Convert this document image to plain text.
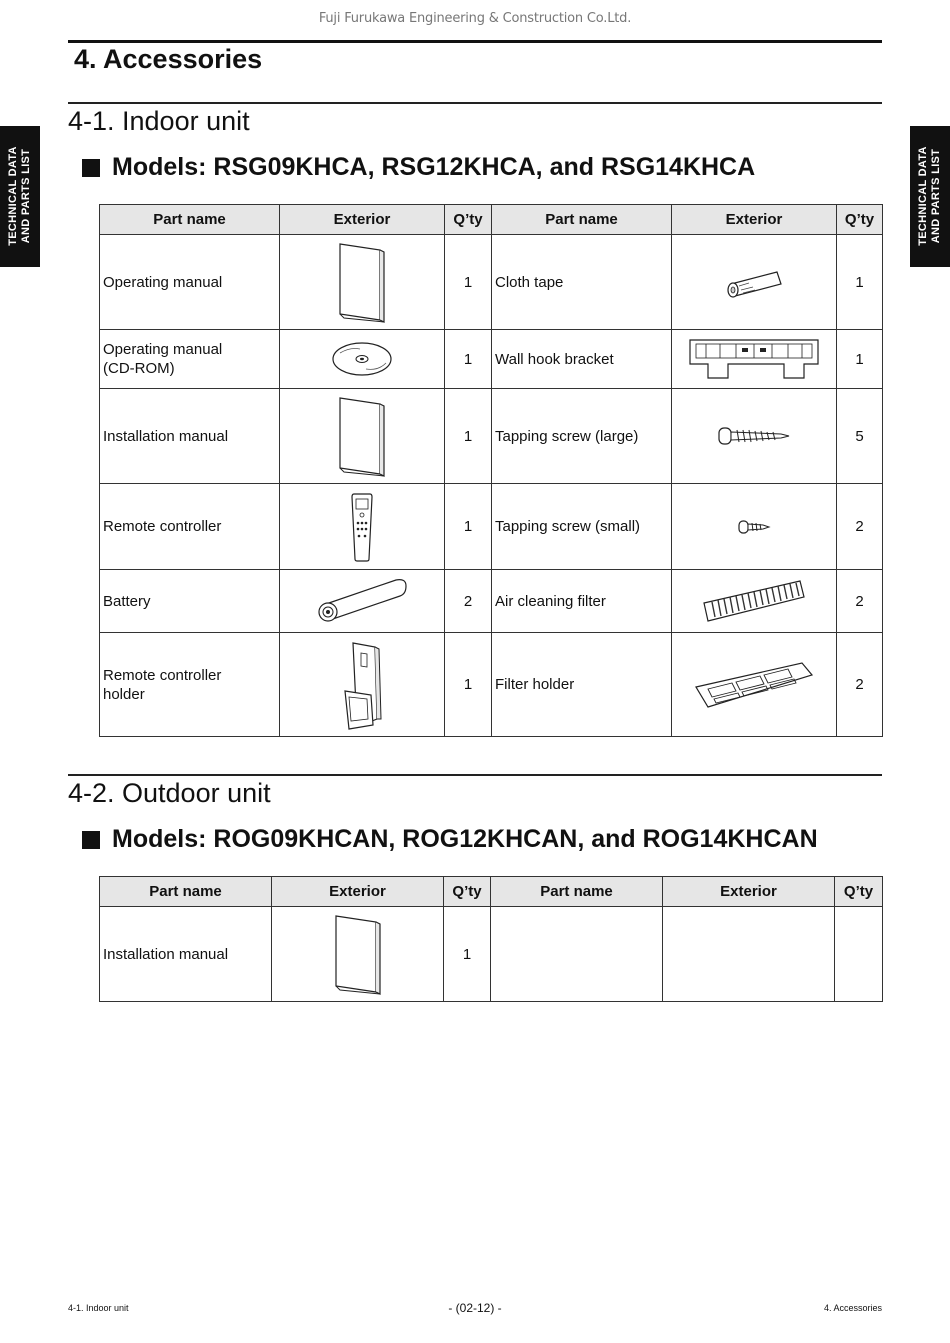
Fuji Furukawa Engineering & Construction Co.Ltd.
4. Accessories
TECHNICAL DATA AND PARTS LIST	TECHNICAL DATA AND PARTS LIST
4-1. Indoor unit
Models: RSG09KHCA, RSG12KHCA, and RSG14KHCA
Part name	Exterior	Q’ty	Part name	Exterior	Q’ty
Operating manual		1	Cloth tape		1
Operating manual
(CD-ROM)		1	Wall hook bracket		1
Installation manual		1	Tapping screw (large)		5
Remote controller		1	Tapping screw (small)		2
Battery		2	Air cleaning filter		2
Remote controller
holder		1	Filter holder		2
4-2. Outdoor unit
Models: ROG09KHCAN, ROG12KHCAN, and ROG14KHCAN
Part name	Exterior	Q’ty	Part name	Exterior	Q’ty
Installation manual		1			
4-1. Indoor unit	- (02-12) -	4. Accessories
